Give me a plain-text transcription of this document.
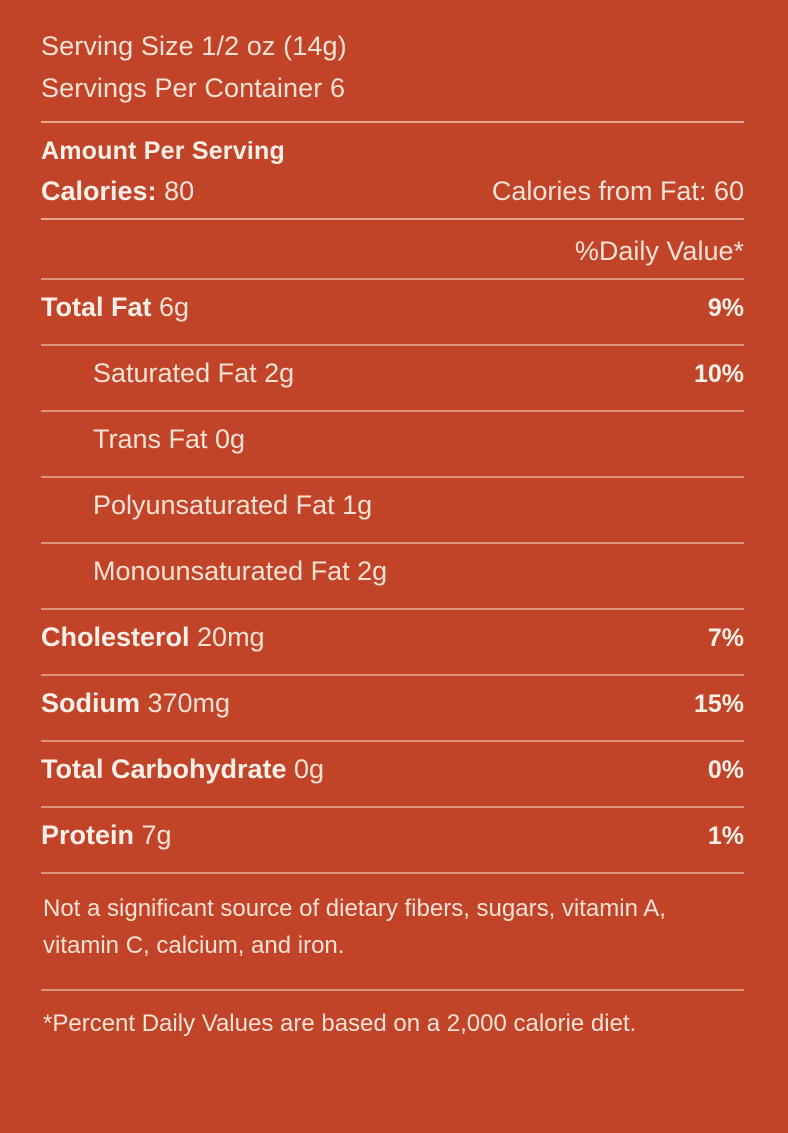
Serving Size 1/2 oz (14g)
Servings Per Container 6
Amount Per Serving
Calories: 80	Calories from Fat: 60
%Daily Value*
Total Fat 6g	9%
Saturated Fat 2g	10%
Trans Fat 0g
Polyunsaturated Fat 1g
Monounsaturated Fat 2g
Cholesterol 20mg	7%
Sodium 370mg	15%
Total Carbohydrate 0g	0%
Protein 7g	1%
Not a significant source of dietary fibers, sugars, vitamin A, vitamin C, calcium, and iron.
*Percent Daily Values are based on a 2,000 calorie diet.
